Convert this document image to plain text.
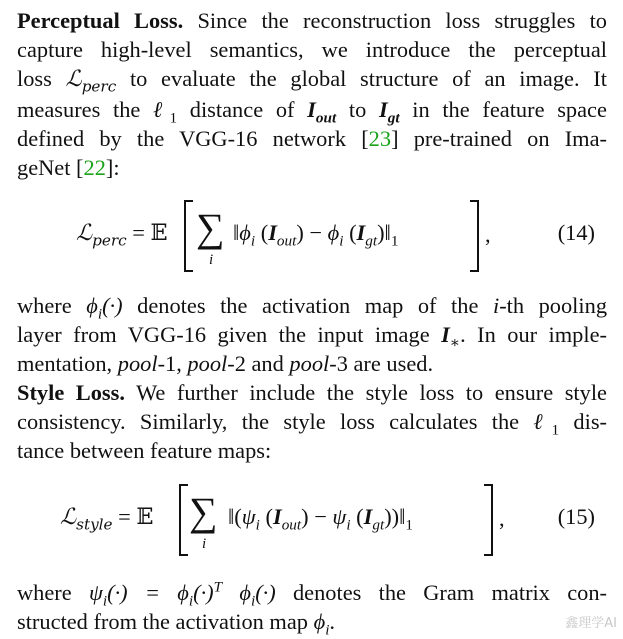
Perceptual Loss. Since the reconstruction loss struggles to
capture high-level semantics, we introduce the perceptual
loss ℒ$_{perc}$ to evaluate the global structure of an image. It
measures the ℓ$_1$ distance of $I_{out}$ to $I_{gt}$ in the feature space
defined by the VGG-16 network [23] pre-trained on Ima-
geNet [22]:
ℒ$_{perc}$ = 𝔼 ∑
i
$‖\phi_i$ $(I_{out}) - \phi_i$ $(I_{gt})‖_1$	,	(14)
where $\phi_i(\cdot)$ denotes the activation map of the i-th pooling
layer from VGG-16 given the input image $I_∗$. In our imple-
mentation, pool-1, pool-2 and pool-3 are used.
Style Loss. We further include the style loss to ensure style
consistency. Similarly, the style loss calculates the ℓ$_1$ dis-
tance between feature maps:
ℒ$_{style}$ = 𝔼 ∑
i
$‖(\psi_i$ $(I_{out}) - \psi_i$ $(I_{gt}))‖_1$	, (15)
where $\psi_i(\cdot) = \phi_i(\cdot)^T$ $\phi_i(\cdot)$ denotes the Gram matrix con-
structed from the activation map $\phi_i$.	鑫理学AI
